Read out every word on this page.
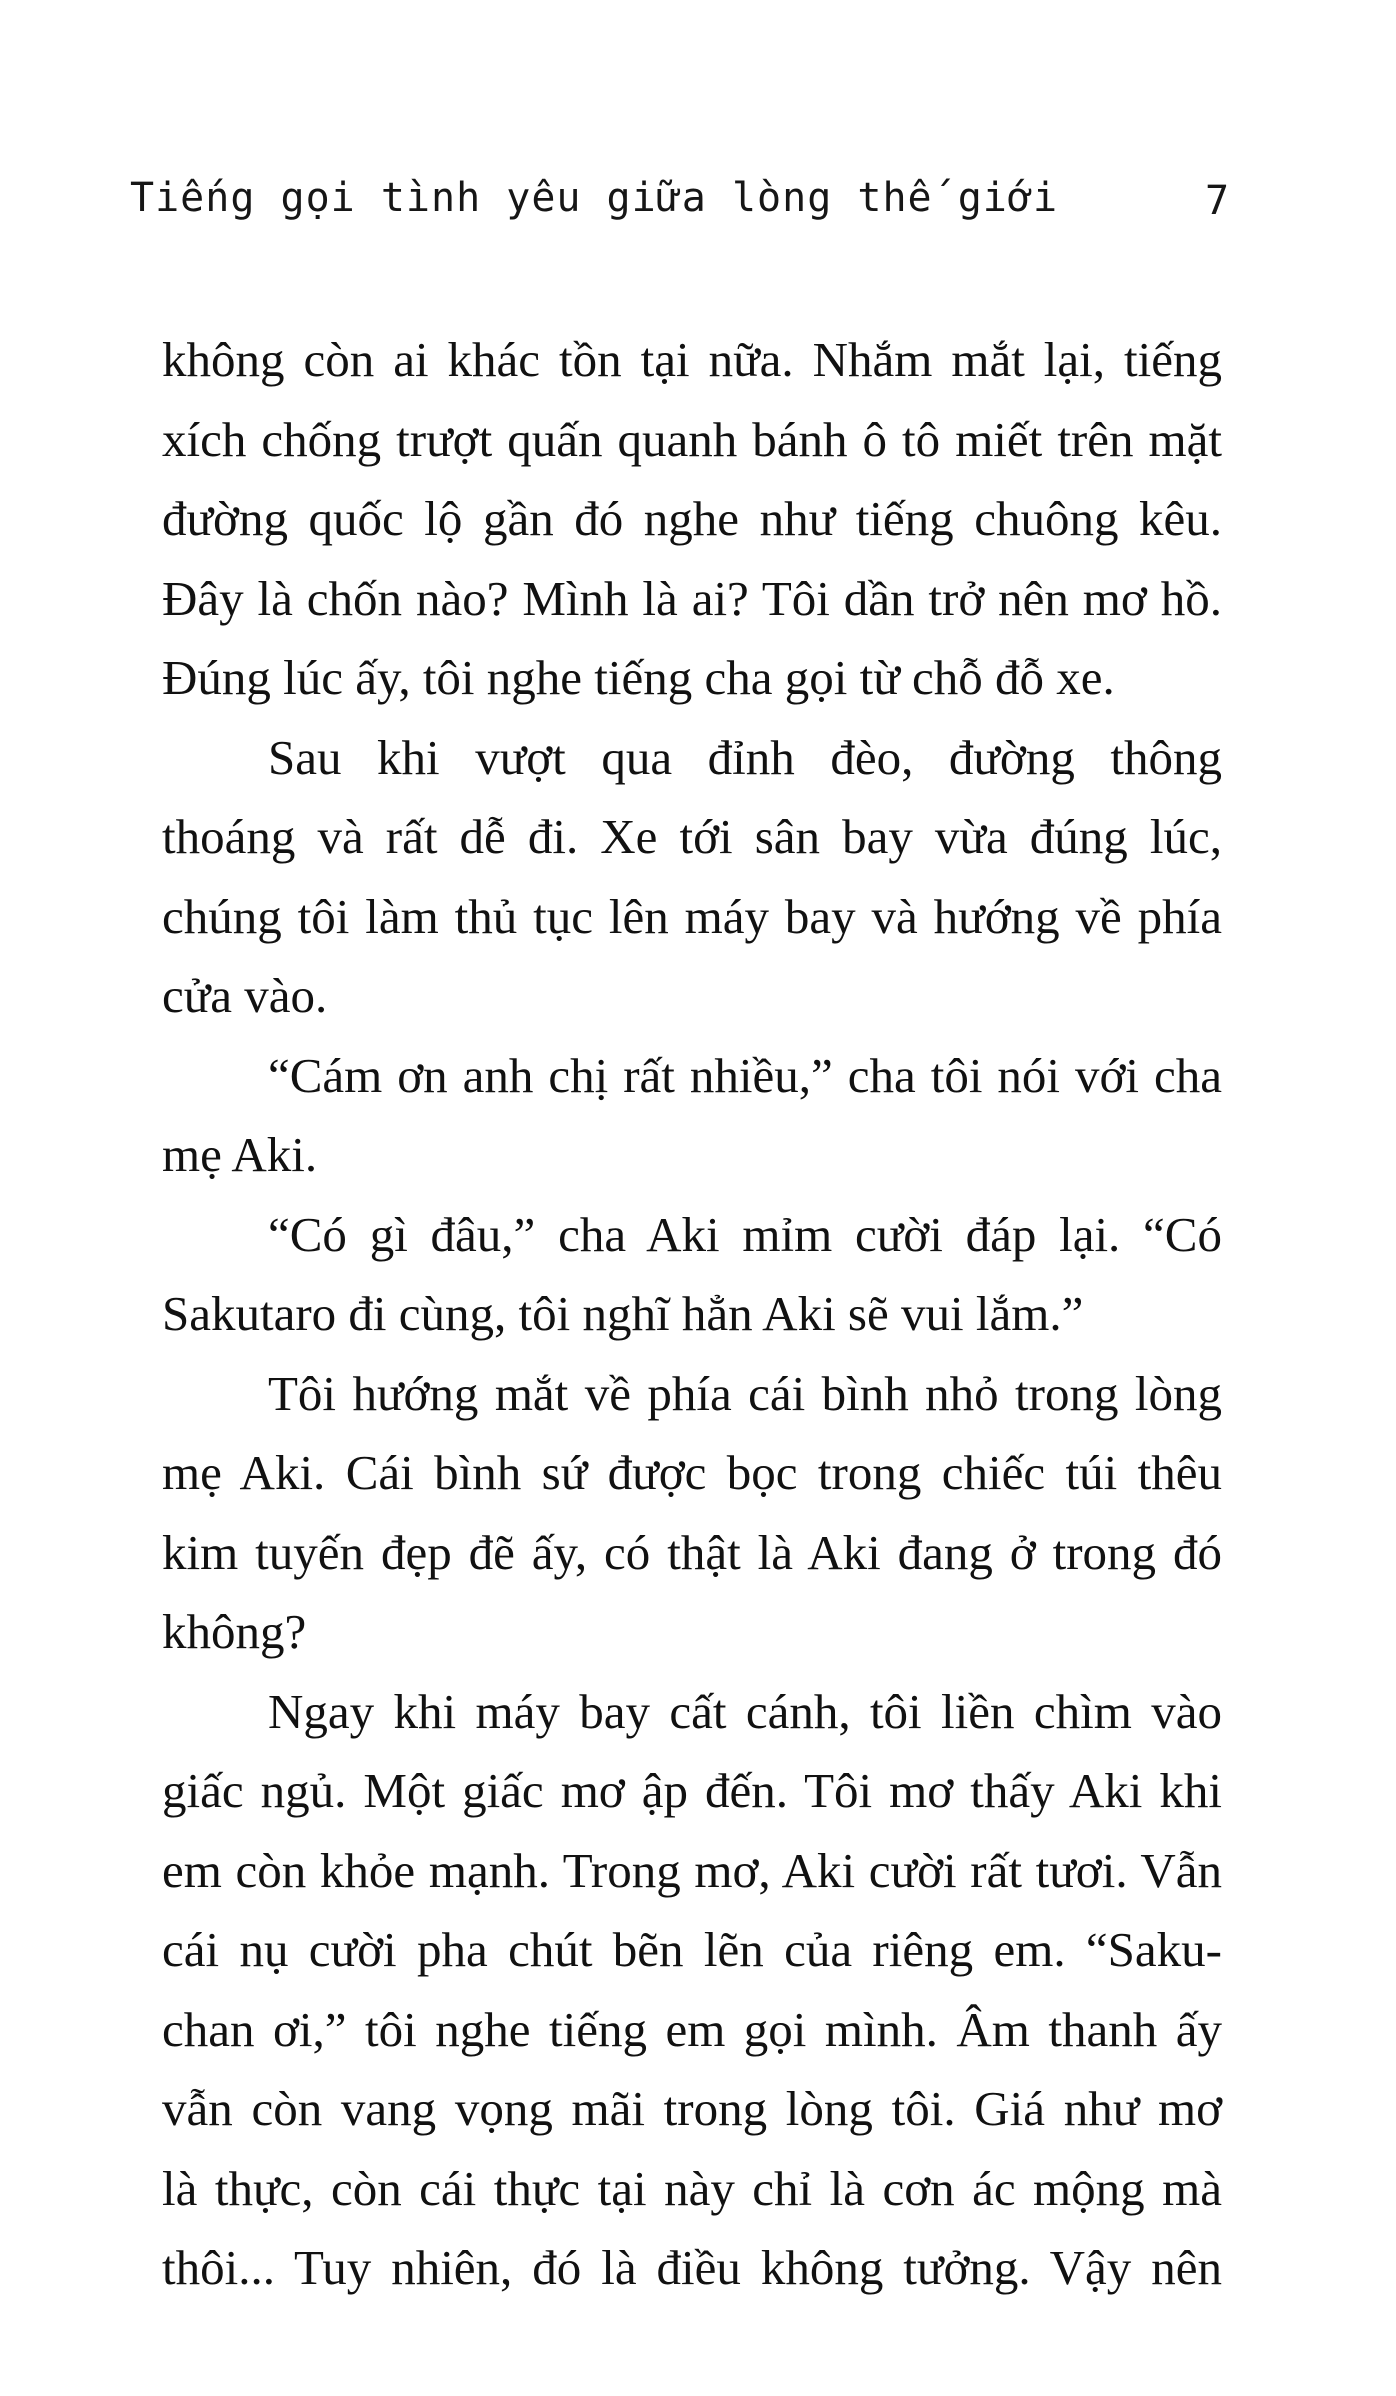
Tiếng gọi tình yêu giữa lòng thế giới	7

không còn ai khác tồn tại nữa. Nhắm mắt lại, tiếng
xích chống trượt quấn quanh bánh ô tô miết trên mặt
đường quốc lộ gần đó nghe như tiếng chuông kêu.
Đây là chốn nào? Mình là ai? Tôi dần trở nên mơ hồ.
Đúng lúc ấy, tôi nghe tiếng cha gọi từ chỗ đỗ xe.

Sau khi vượt qua đỉnh đèo, đường thông
thoáng và rất dễ đi. Xe tới sân bay vừa đúng lúc,
chúng tôi làm thủ tục lên máy bay và hướng về phía
cửa vào.

“Cám ơn anh chị rất nhiều,” cha tôi nói với cha
mẹ Aki.

“Có gì đâu,” cha Aki mỉm cười đáp lại. “Có
Sakutaro đi cùng, tôi nghĩ hẳn Aki sẽ vui lắm.”

Tôi hướng mắt về phía cái bình nhỏ trong lòng
mẹ Aki. Cái bình sứ được bọc trong chiếc túi thêu
kim tuyến đẹp đẽ ấy, có thật là Aki đang ở trong đó
không?

Ngay khi máy bay cất cánh, tôi liền chìm vào
giấc ngủ. Một giấc mơ ập đến. Tôi mơ thấy Aki khi
em còn khỏe mạnh. Trong mơ, Aki cười rất tươi. Vẫn
cái nụ cười pha chút bẽn lẽn của riêng em. “Saku-
chan ơi,” tôi nghe tiếng em gọi mình. Âm thanh ấy
vẫn còn vang vọng mãi trong lòng tôi. Giá như mơ
là thực, còn cái thực tại này chỉ là cơn ác mộng mà
thôi... Tuy nhiên, đó là điều không tưởng. Vậy nên
